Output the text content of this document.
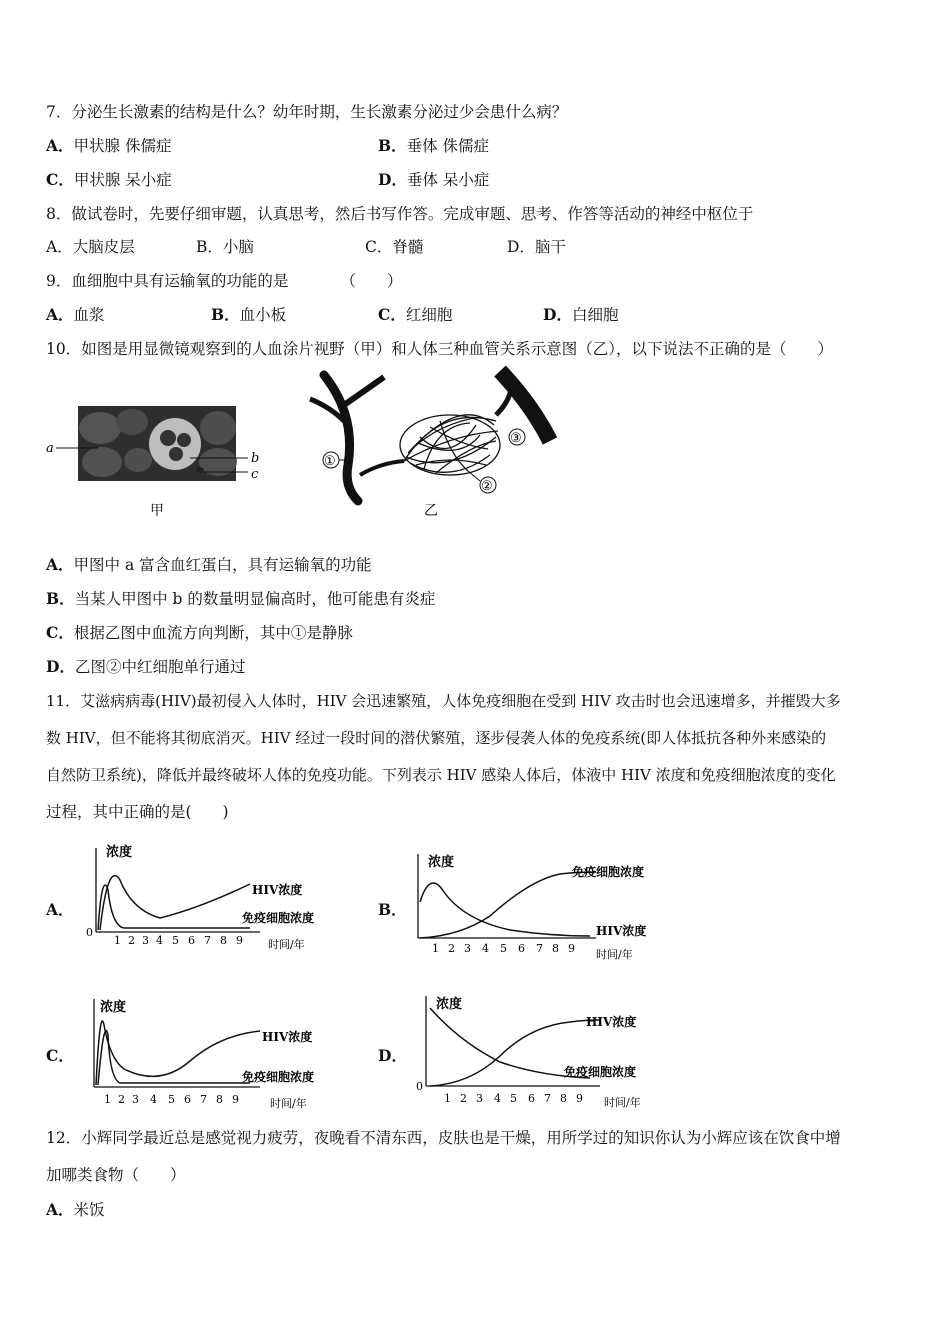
7．分泌生长激素的结构是什么？幼年时期，生长激素分泌过少会患什么病？
A．甲状腺 侏儒症	B．垂体 侏儒症
C．甲状腺 呆小症	D．垂体 呆小症
8．做试卷时，先要仔细审题，认真思考，然后书写作答。完成审题、思考、作答等活动的神经中枢位于
A．大脑皮层	B．小脑	C．脊髓	D．脑干
9．血细胞中具有运输氧的功能的是	（　　）
A．血浆	B．血小板	C．红细胞	D．白细胞
10．如图是用显微镜观察到的人血涂片视野（甲）和人体三种血管关系示意图（乙），以下说法不正确的是（　　）
a
b
c
甲
①
②
③
乙
A．甲图中 a 富含血红蛋白，具有运输氧的功能
B．当某人甲图中 b 的数量明显偏高时，他可能患有炎症
C．根据乙图中血流方向判断，其中①是静脉
D．乙图②中红细胞单行通过
11．艾滋病病毒(HIV)最初侵入人体时，HIV 会迅速繁殖，人体免疫细胞在受到 HIV 攻击时也会迅速增多，并摧毁大多
数 HIV，但不能将其彻底消灭。HIV 经过一段时间的潜伏繁殖，逐步侵袭人体的免疫系统(即人体抵抗各种外来感染的
自然防卫系统)，降低并最终破坏人体的免疫功能。下列表示 HIV 感染人体后，体液中 HIV 浓度和免疫细胞浓度的变化
过程，其中正确的是(　　)
A．	B．
C．	D．
浓度
0
1 2 3 4 5 6 7 8 9 时间/年
HIV浓度
免疫细胞浓度
浓度
1 2 3 4 5 6 7 8 9 时间/年
免疫细胞浓度
HIV浓度
浓度
1 2 3 4 5 6 7 8 9	时间/年
HIV浓度
免疫细胞浓度
浓度
0
1 2 3 4 5 6 7 8 9 时间/年
HIV浓度
免疫细胞浓度
12．小辉同学最近总是感觉视力疲劳，夜晚看不清东西，皮肤也是干燥，用所学过的知识你认为小辉应该在饮食中增
加哪类食物（　　）
A．米饭
